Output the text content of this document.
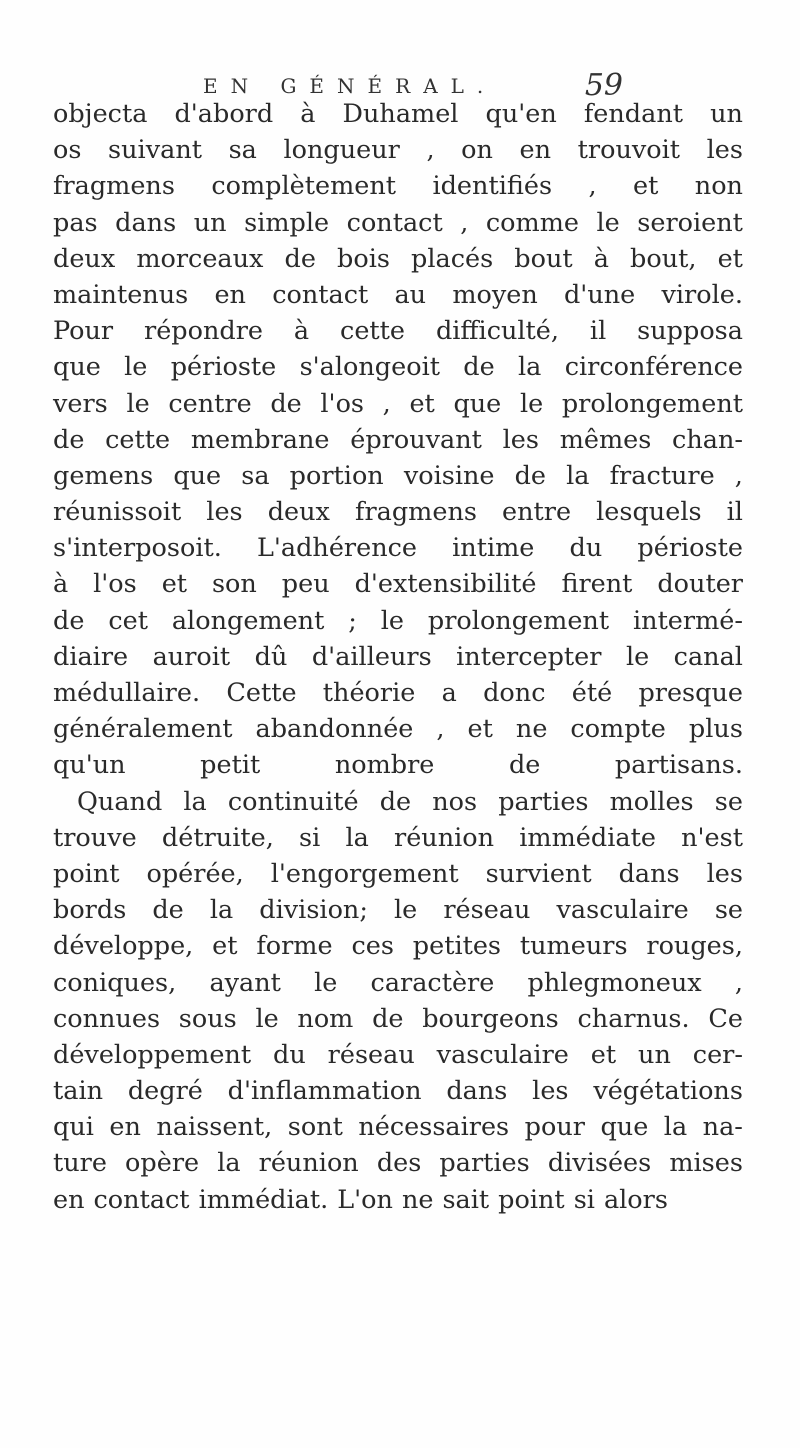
EN GÉNÉRAL.	59
objecta d'abord à Duhamel qu'en fendant un
os suivant sa longueur , on en trouvoit les
fragmens complètement identifiés , et non
pas dans un simple contact , comme le seroient
deux morceaux de bois placés bout à bout, et
maintenus en contact au moyen d'une virole.
Pour répondre à cette difficulté, il supposa
que le périoste s'alongeoit de la circonférence
vers le centre de l'os , et que le prolongement
de cette membrane éprouvant les mêmes chan-
gemens que sa portion voisine de la fracture ,
réunissoit les deux fragmens entre lesquels il
s'interposoit. L'adhérence intime du périoste
à l'os et son peu d'extensibilité firent douter
de cet alongement ; le prolongement intermé-
diaire auroit dû d'ailleurs intercepter le canal
médullaire. Cette théorie a donc été presque
généralement abandonnée , et ne compte plus
qu'un	petit	nombre	de	partisans.
Quand la continuité de nos parties molles se
trouve détruite, si la réunion immédiate n'est
point opérée, l'engorgement survient dans les
bords de la division; le réseau vasculaire se
développe, et forme ces petites tumeurs rouges,
coniques, ayant le caractère phlegmoneux ,
connues sous le nom de bourgeons charnus. Ce
développement du réseau vasculaire et un cer-
tain degré d'inflammation dans les végétations
qui en naissent, sont nécessaires pour que la na-
ture opère la réunion des parties divisées mises
en contact immédiat. L'on ne sait point si alors
